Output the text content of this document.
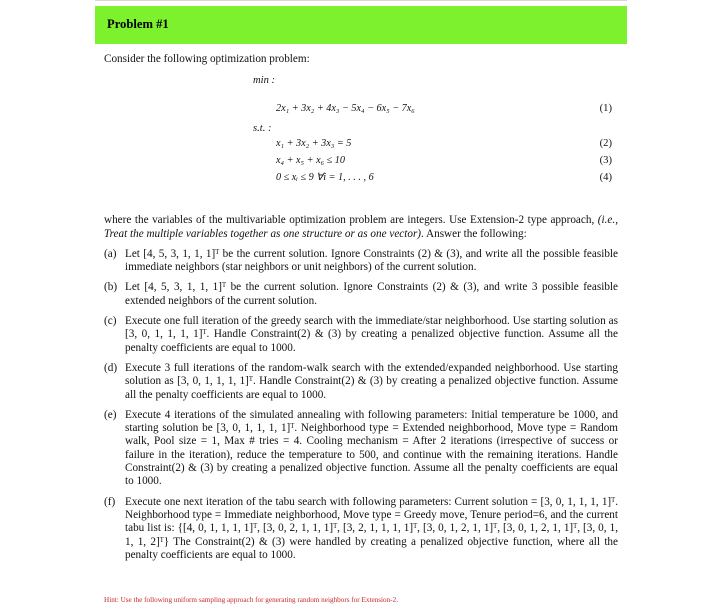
Problem #1

Consider the following optimization problem:

min :
2x₁ + 3x₂ + 4x₃ − 5x₄ − 6x₅ − 7x₆	(1)
s.t. :
x₁ + 3x₂ + 3x₃ = 5	(2)
x₄ + x₅ + x₆ ≤ 10	(3)
0 ≤ xᵢ ≤ 9 ∀i = 1, . . . , 6	(4)

where the variables of the multivariable optimization problem are integers. Use Extension-2 type approach, (i.e., Treat the multiple variables together as one structure or as one vector). Answer the following:

(a) Let [4, 5, 3, 1, 1, 1]ᵀ be the current solution. Ignore Constraints (2) & (3), and write all the possible feasible immediate neighbors (star neighbors or unit neighbors) of the current solution.
(b) Let [4, 5, 3, 1, 1, 1]ᵀ be the current solution. Ignore Constraints (2) & (3), and write 3 possible feasible extended neighbors of the current solution.
(c) Execute one full iteration of the greedy search with the immediate/star neighborhood. Use starting solution as [3, 0, 1, 1, 1, 1]ᵀ. Handle Constraint(2) & (3) by creating a penalized objective function. Assume all the penalty coefficients are equal to 1000.
(d) Execute 3 full iterations of the random-walk search with the extended/expanded neighborhood. Use starting solution as [3, 0, 1, 1, 1, 1]ᵀ. Handle Constraint(2) & (3) by creating a penalized objective function. Assume all the penalty coefficients are equal to 1000.
(e) Execute 4 iterations of the simulated annealing with following parameters: Initial temperature be 1000, and starting solution be [3, 0, 1, 1, 1, 1]ᵀ. Neighborhood type = Extended neighborhood, Move type = Random walk, Pool size = 1, Max # tries = 4. Cooling mechanism = After 2 iterations (irrespective of success or failure in the iteration), reduce the temperature to 500, and continue with the remaining iterations. Handle Constraint(2) & (3) by creating a penalized objective function. Assume all the penalty coefficients are equal to 1000.
(f) Execute one next iteration of the tabu search with following parameters: Current solution = [3, 0, 1, 1, 1, 1]ᵀ. Neighborhood type = Immediate neighborhood, Move type = Greedy move, Tenure period=6, and the current tabu list is: {[4, 0, 1, 1, 1, 1]ᵀ, [3, 0, 2, 1, 1, 1]ᵀ, [3, 2, 1, 1, 1, 1]ᵀ, [3, 0, 1, 2, 1, 1]ᵀ, [3, 0, 1, 2, 1, 1]ᵀ, [3, 0, 1, 1, 1, 2]ᵀ} The Constraint(2) & (3) were handled by creating a penalized objective function, where all the penalty coefficients are equal to 1000.
Hint: Use the following uniform sampling approach for generating random neighbors for Extension-2.
